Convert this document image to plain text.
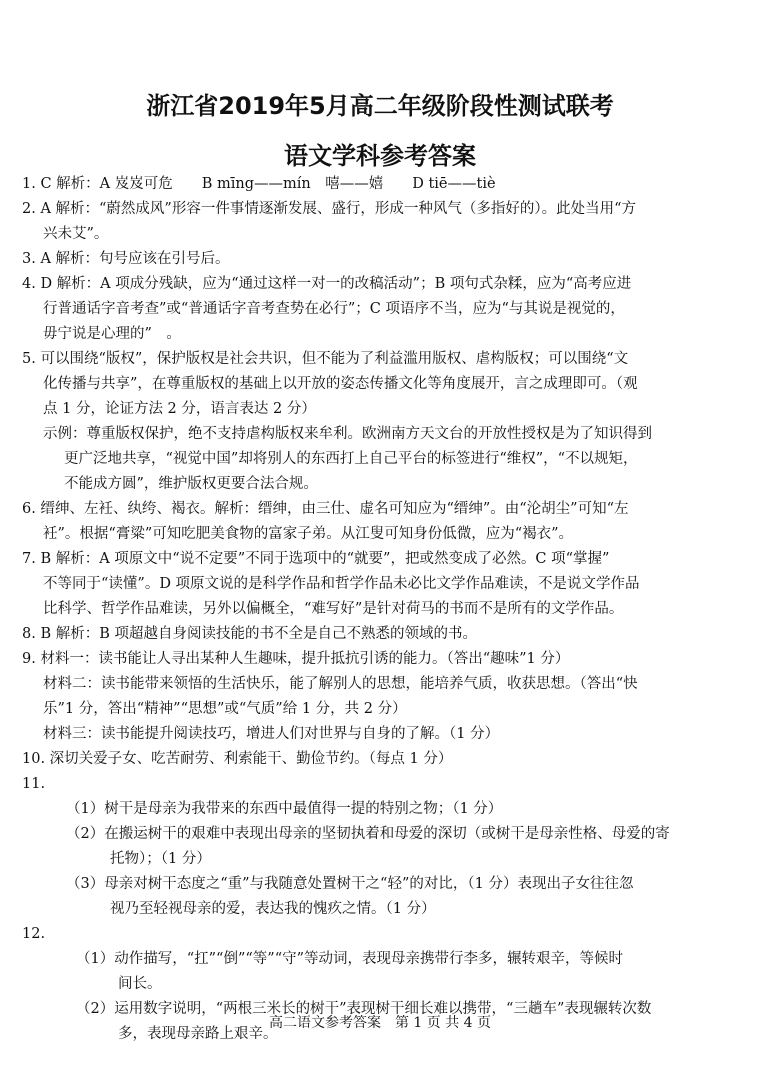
浙江省2019年5月高二年级阶段性测试联考
语文学科参考答案
1. C 解析：A 岌岌可危　　B mīng——mín　嘻——嬉　　D tiē——tiè
2. A 解析：“蔚然成风”形容一件事情逐渐发展、盛行，形成一种风气（多指好的）。此处当用“方
兴未艾”。
3. A 解析：句号应该在引号后。
4. D 解析：A 项成分残缺，应为“通过这样一对一的改稿活动”；B 项句式杂糅，应为“高考应进
行普通话字音考查”或“普通话字音考查势在必行”；C 项语序不当，应为“与其说是视觉的，
毋宁说是心理的”　。
5. 可以围绕“版权”，保护版权是社会共识，但不能为了利益滥用版权、虐构版权；可以围绕“文
化传播与共享”，在尊重版权的基础上以开放的姿态传播文化等角度展开，言之成理即可。（观
点 1 分，论证方法 2 分，语言表达 2 分）
示例：尊重版权保护，绝不支持虐构版权来牟利。欧洲南方天文台的开放性授权是为了知识得到
更广泛地共享，“视觉中国”却将别人的东西打上自己平台的标签进行“维权”，“不以规矩，
不能成方圆”，维护版权更要合法合规。
6. 缙绅、左衽、纨绔、褐衣。解析：缙绅，由三仕、虚名可知应为“缙绅”。由“沦胡尘”可知“左
衽”。根据“膏粱”可知吃肥美食物的富家子弟。从江叟可知身份低微，应为“褐衣”。
7. B 解析：A 项原文中“说不定要”不同于选项中的“就要”，把或然变成了必然。C 项“掌握”
不等同于“读懂”。D 项原文说的是科学作品和哲学作品未必比文学作品难读，不是说文学作品
比科学、哲学作品难读，另外以偏概全，“难写好”是针对荷马的书而不是所有的文学作品。
8. B 解析：B 项超越自身阅读技能的书不全是自己不熟悉的领域的书。
9. 材料一：读书能让人寻出某种人生趣味，提升抵抗引诱的能力。（答出“趣味”1 分）
材料二：读书能带来领悟的生活快乐，能了解别人的思想，能培养气质，收获思想。（答出“快
乐”1 分，答出“精神”“思想”或“气质”给 1 分，共 2 分）
材料三：读书能提升阅读技巧，增进人们对世界与自身的了解。（1 分）
10. 深切关爱子女、吃苦耐劳、利索能干、勤俭节约。（每点 1 分）
11.
（1）树干是母亲为我带来的东西中最值得一提的特别之物；（1 分）
（2）在搬运树干的艰难中表现出母亲的坚韧执着和母爱的深切（或树干是母亲性格、母爱的寄
托物）；（1 分）
（3）母亲对树干态度之“重”与我随意处置树干之“轻”的对比，（1 分）表现出子女往往忽
视乃至轻视母亲的爱，表达我的愧疚之情。（1 分）
12.
（1）动作描写，“扛”“倒”“等”“守”等动词，表现母亲携带行李多，辗转艰辛，等候时
间长。
（2）运用数字说明，“两根三米长的树干”表现树干细长难以携带，“三趟车”表现辗转次数
多，表现母亲路上艰辛。
高二语文参考答案　第 1 页 共 4 页
